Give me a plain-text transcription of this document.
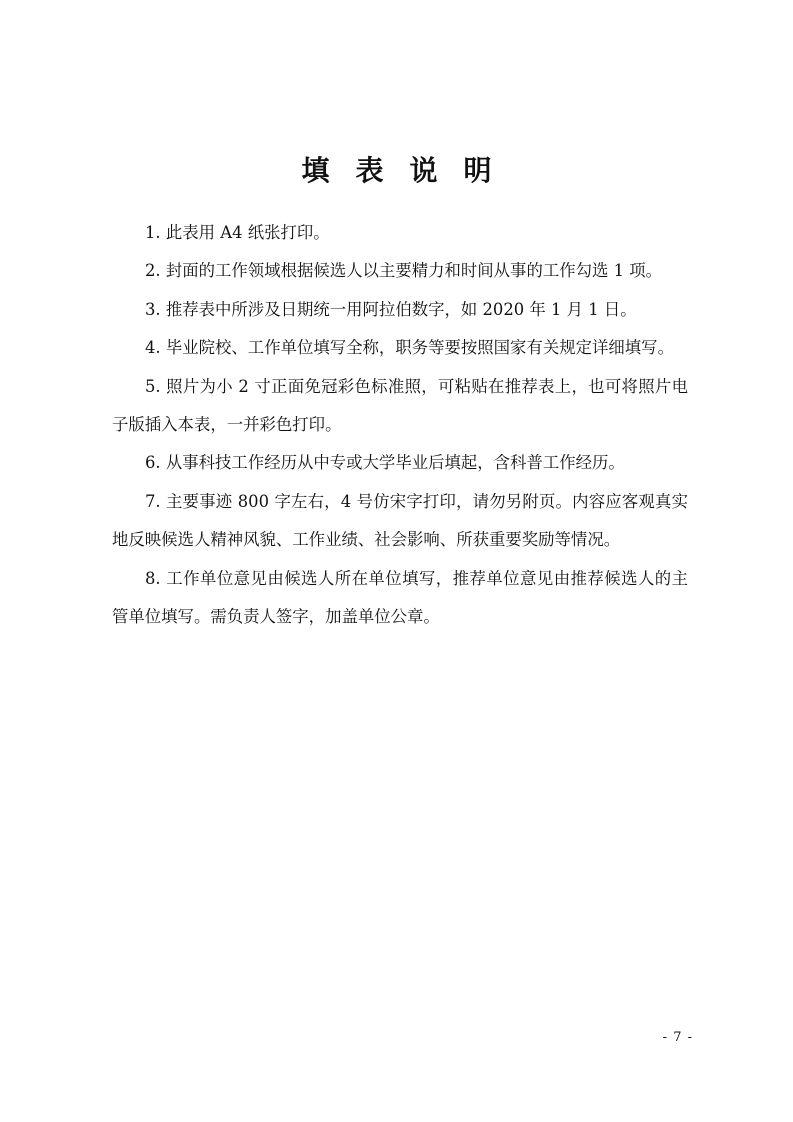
填表说明

1. 此表用 A4 纸张打印。

2. 封面的工作领域根据候选人以主要精力和时间从事的工作勾选 1 项。

3. 推荐表中所涉及日期统一用阿拉伯数字，如 2020 年 1 月 1 日。

4. 毕业院校、工作单位填写全称，职务等要按照国家有关规定详细填写。

5. 照片为小 2 寸正面免冠彩色标准照，可粘贴在推荐表上，也可将照片电子版插入本表，一并彩色打印。

6. 从事科技工作经历从中专或大学毕业后填起，含科普工作经历。

7. 主要事迹 800 字左右，4 号仿宋字打印，请勿另附页。内容应客观真实地反映候选人精神风貌、工作业绩、社会影响、所获重要奖励等情况。

8. 工作单位意见由候选人所在单位填写，推荐单位意见由推荐候选人的主管单位填写。需负责人签字，加盖单位公章。

- 7 -
